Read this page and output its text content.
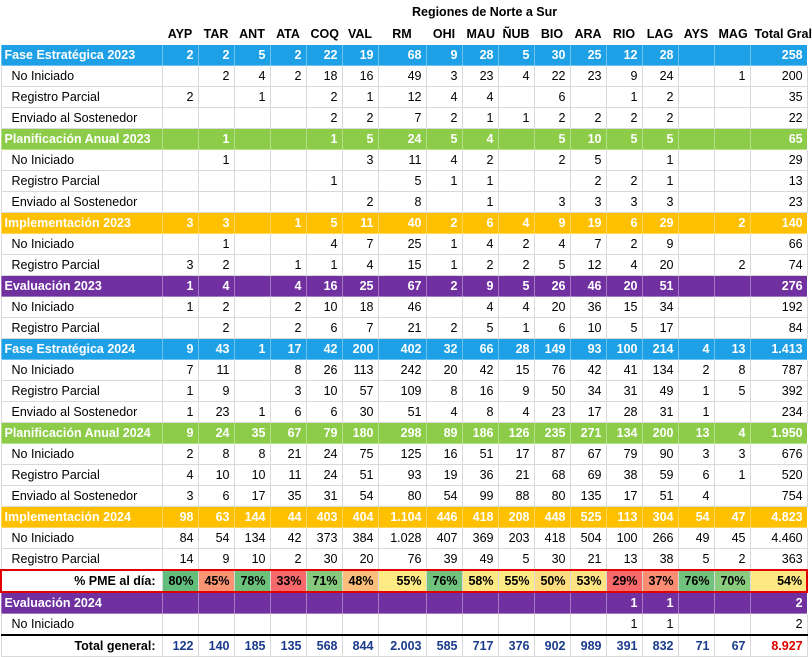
	Regiones de Norte a Sur																
	AYP	TAR	ANT	ATA	COQ	VAL	RM	OHI	MAU	ÑUB	BIO	ARA	RIO	LAG	AYS	MAG	Total Gral
Fase Estratégica 2023	2	2	5	2	22	19	68	9	28	5	30	25	12	28			258
No Iniciado		2	4	2	18	16	49	3	23	4	22	23	9	24		1	200
Registro Parcial	2		1		2	1	12	4	4		6		1	2			35
Enviado al Sostenedor					2	2	7	2	1	1	2	2	2	2			22
Planificación Anual 2023		1			1	5	24	5	4		5	10	5	5			65
No Iniciado		1				3	11	4	2		2	5		1			29
Registro Parcial					1		5	1	1			2	2	1			13
Enviado al Sostenedor						2	8		1		3	3	3	3			23
Implementación 2023	3	3		1	5	11	40	2	6	4	9	19	6	29		2	140
No Iniciado		1			4	7	25	1	4	2	4	7	2	9			66
Registro Parcial	3	2		1	1	4	15	1	2	2	5	12	4	20		2	74
Evaluación 2023	1	4		4	16	25	67	2	9	5	26	46	20	51			276
No Iniciado	1	2		2	10	18	46		4	4	20	36	15	34			192
Registro Parcial		2		2	6	7	21	2	5	1	6	10	5	17			84
Fase Estratégica 2024	9	43	1	17	42	200	402	32	66	28	149	93	100	214	4	13	1.413
No Iniciado	7	11		8	26	113	242	20	42	15	76	42	41	134	2	8	787
Registro Parcial	1	9		3	10	57	109	8	16	9	50	34	31	49	1	5	392
Enviado al Sostenedor	1	23	1	6	6	30	51	4	8	4	23	17	28	31	1		234
Planificación Anual 2024	9	24	35	67	79	180	298	89	186	126	235	271	134	200	13	4	1.950
No Iniciado	2	8	8	21	24	75	125	16	51	17	87	67	79	90	3	3	676
Registro Parcial	4	10	10	11	24	51	93	19	36	21	68	69	38	59	6	1	520
Enviado al Sostenedor	3	6	17	35	31	54	80	54	99	88	80	135	17	51	4		754
Implementación 2024	98	63	144	44	403	404	1.104	446	418	208	448	525	113	304	54	47	4.823
No Iniciado	84	54	134	42	373	384	1.028	407	369	203	418	504	100	266	49	45	4.460
Registro Parcial	14	9	10	2	30	20	76	39	49	5	30	21	13	38	5	2	363
% PME al día:	80%	45%	78%	33%	71%	48%	55%	76%	58%	55%	50%	53%	29%	37%	76%	70%	54%
Evaluación 2024													1	1			2
No Iniciado													1	1			2
Total general:	122	140	185	135	568	844	2.003	585	717	376	902	989	391	832	71	67	8.927
